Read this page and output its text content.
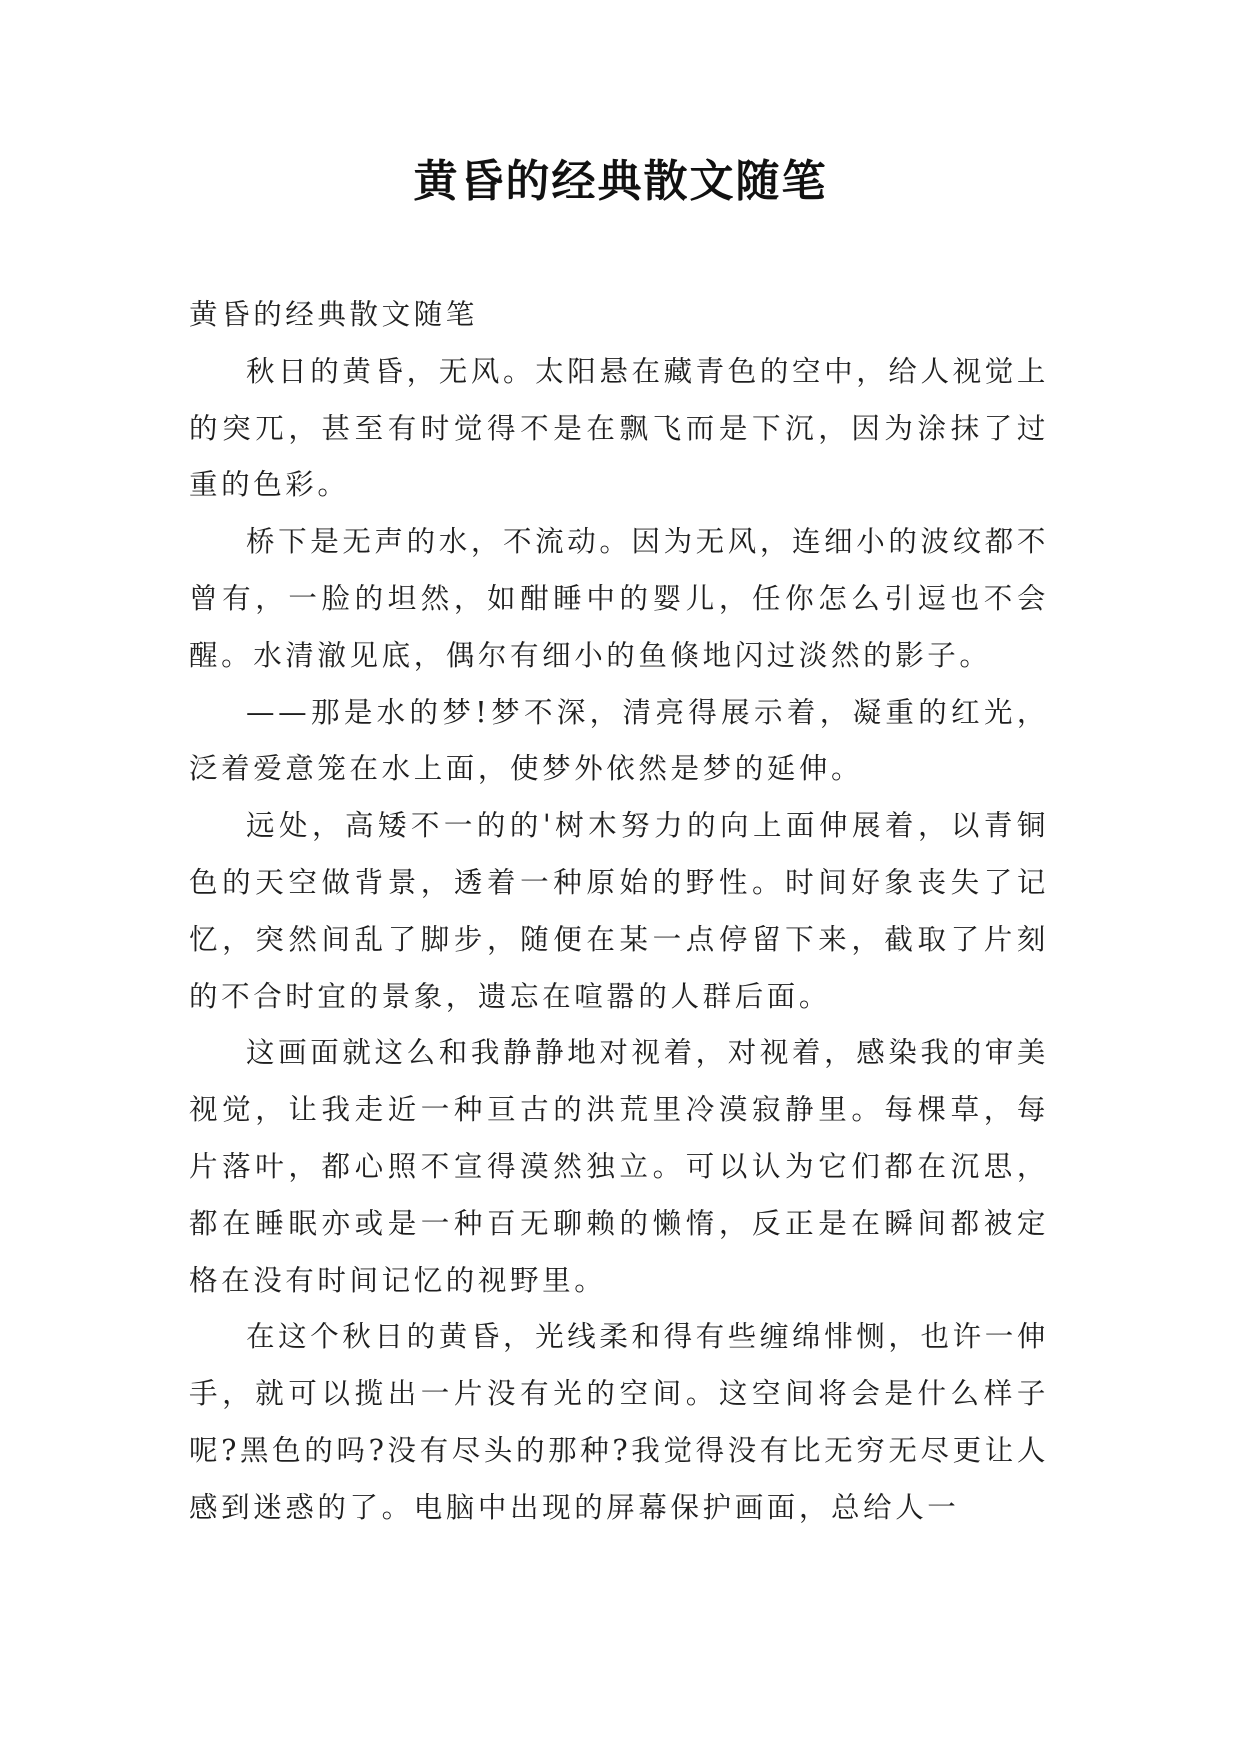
黄昏的经典散文随笔

黄昏的经典散文随笔

秋日的黄昏，无风。太阳悬在藏青色的空中，给人视觉上的突兀，甚至有时觉得不是在飘飞而是下沉，因为涂抹了过重的色彩。

桥下是无声的水，不流动。因为无风，连细小的波纹都不曾有，一脸的坦然，如酣睡中的婴儿，任你怎么引逗也不会醒。水清澈见底，偶尔有细小的鱼倏地闪过淡然的影子。

——那是水的梦!梦不深，清亮得展示着，凝重的红光，泛着爱意笼在水上面，使梦外依然是梦的延伸。

远处，高矮不一的的'树木努力的向上面伸展着，以青铜色的天空做背景，透着一种原始的野性。时间好象丧失了记忆，突然间乱了脚步，随便在某一点停留下来，截取了片刻的不合时宜的景象，遗忘在喧嚣的人群后面。

这画面就这么和我静静地对视着，对视着，感染我的审美视觉，让我走近一种亘古的洪荒里冷漠寂静里。每棵草，每片落叶，都心照不宣得漠然独立。可以认为它们都在沉思，都在睡眠亦或是一种百无聊赖的懒惰，反正是在瞬间都被定格在没有时间记忆的视野里。

在这个秋日的黄昏，光线柔和得有些缠绵悱恻，也许一伸手，就可以揽出一片没有光的空间。这空间将会是什么样子呢?黑色的吗?没有尽头的那种?我觉得没有比无穷无尽更让人感到迷惑的了。电脑中出现的屏幕保护画面，总给人一
